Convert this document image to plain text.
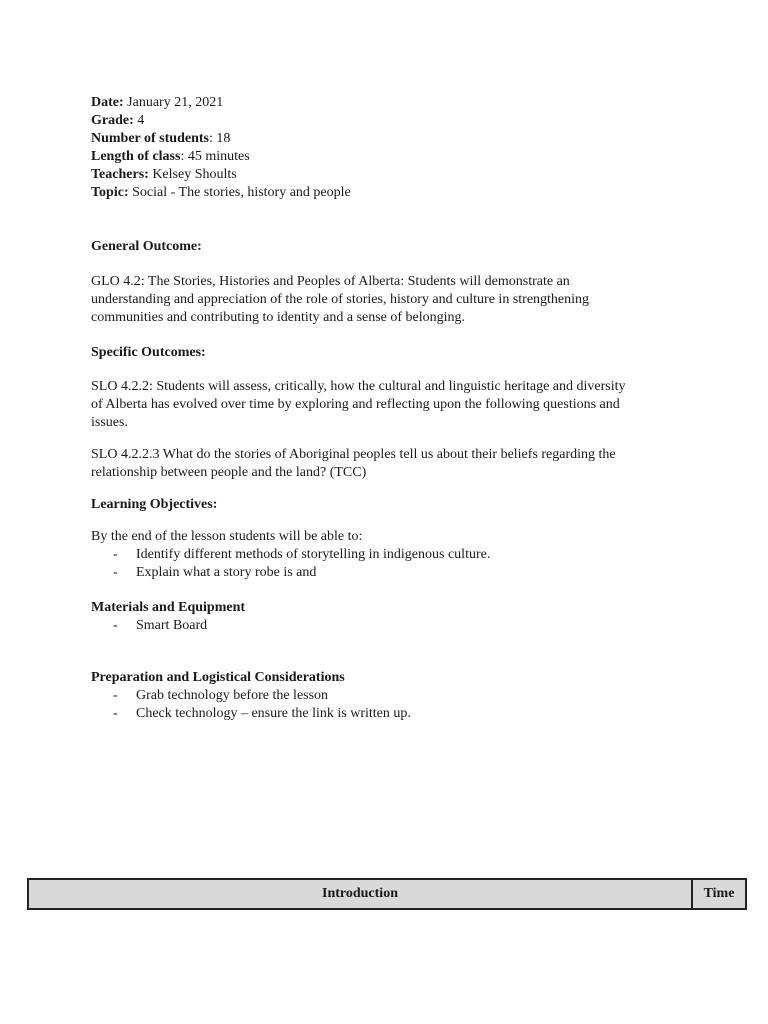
Date: January 21, 2021
Grade: 4
Number of students: 18
Length of class: 45 minutes
Teachers: Kelsey Shoults
Topic: Social - The stories, history and people
General Outcome:
GLO 4.2: The Stories, Histories and Peoples of Alberta: Students will demonstrate an
understanding and appreciation of the role of stories, history and culture in strengthening
communities and contributing to identity and a sense of belonging.
Specific Outcomes:
SLO 4.2.2: Students will assess, critically, how the cultural and linguistic heritage and diversity
of Alberta has evolved over time by exploring and reflecting upon the following questions and
issues.
SLO 4.2.2.3 What do the stories of Aboriginal peoples tell us about their beliefs regarding the
relationship between people and the land? (TCC)
Learning Objectives:
By the end of the lesson students will be able to:
- Identify different methods of storytelling in indigenous culture.
- Explain what a story robe is and
Materials and Equipment
- Smart Board
Preparation and Logistical Considerations
- Grab technology before the lesson
- Check technology – ensure the link is written up.
Introduction	Time
